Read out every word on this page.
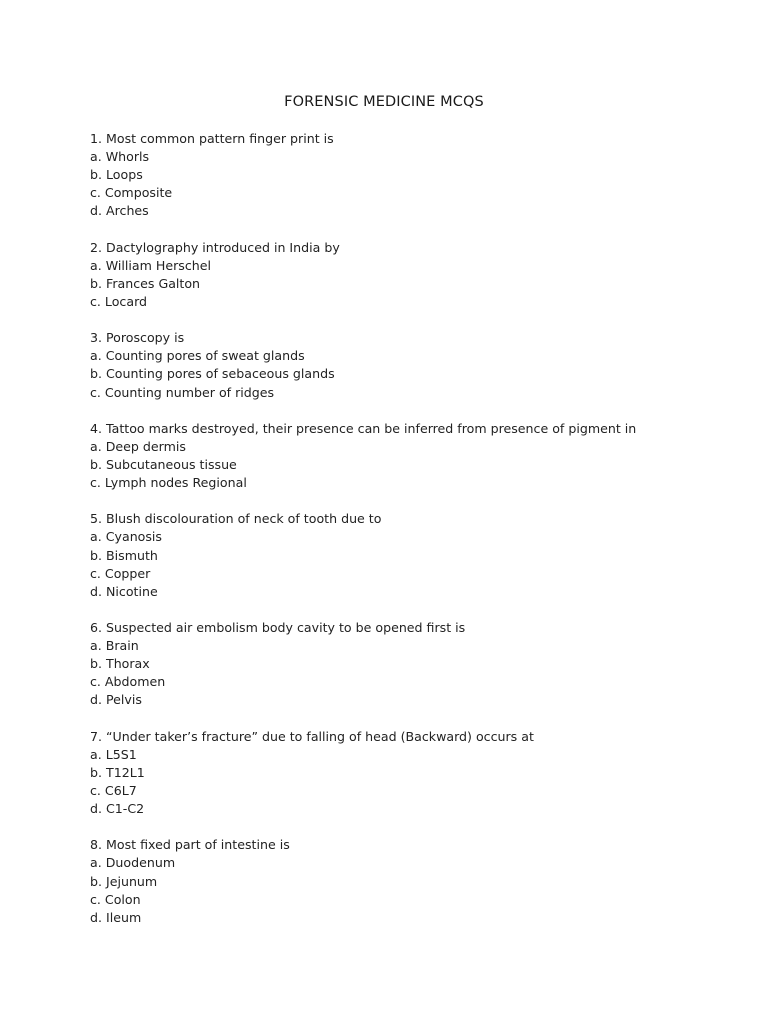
FORENSIC MEDICINE MCQS
1. Most common pattern finger print is
a. Whorls
b. Loops
c. Composite
d. Arches
2. Dactylography introduced in India by
a. William Herschel
b. Frances Galton
c. Locard
3. Poroscopy is
a. Counting pores of sweat glands
b. Counting pores of sebaceous glands
c. Counting number of ridges
4. Tattoo marks destroyed, their presence can be inferred from presence of pigment in
a. Deep dermis
b. Subcutaneous tissue
c. Lymph nodes Regional
5. Blush discolouration of neck of tooth due to
a. Cyanosis
b. Bismuth
c. Copper
d. Nicotine
6. Suspected air embolism body cavity to be opened first is
a. Brain
b. Thorax
c. Abdomen
d. Pelvis
7. “Under taker’s fracture” due to falling of head (Backward) occurs at
a. L5S1
b. T12L1
c. C6L7
d. C1-C2
8. Most fixed part of intestine is
a. Duodenum
b. Jejunum
c. Colon
d. Ileum
